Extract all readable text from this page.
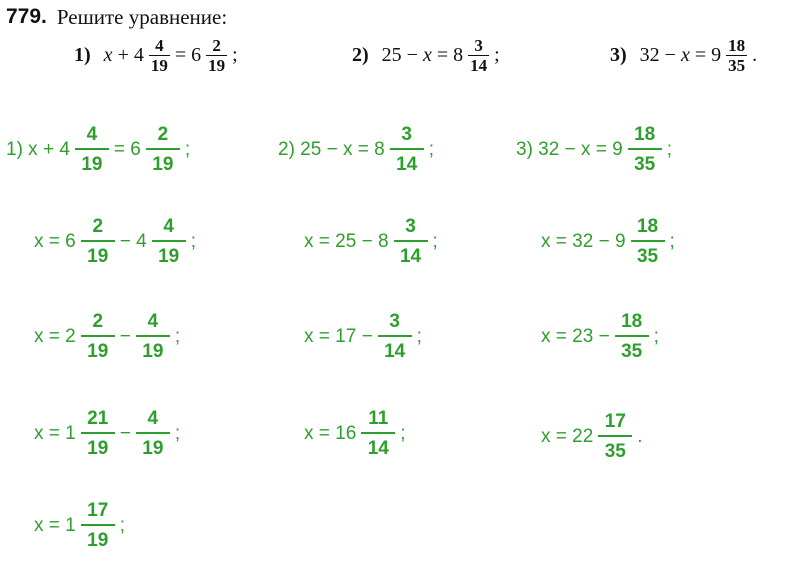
779. Решите уравнение:
1) $x + 4 \frac{4}{19} = 6 \frac{2}{19}$ ;	2) $25 - x = 8 \frac{3}{14}$ ;	3) $32 - x = 9 \frac{18}{35}$ .
1) $x + 4 \frac{4}{19} = 6 \frac{2}{19}$ ;
$x = 6 \frac{2}{19} - 4 \frac{4}{19}$ ;
$x = 2 \frac{2}{19} - \frac{4}{19}$ ;
$x = 1 \frac{21}{19} - \frac{4}{19}$ ;
$x = 1 \frac{17}{19}$ ;
2) $25 - x = 8 \frac{3}{14}$ ;
$x = 25 - 8 \frac{3}{14}$ ;
$x = 17 - \frac{3}{14}$ ;
$x = 16 \frac{11}{14}$ ;
3) $32 - x = 9 \frac{18}{35}$ ;
$x = 32 - 9 \frac{18}{35}$ ;
$x = 23 - \frac{18}{35}$ ;
$x = 22 \frac{17}{35}$ .
